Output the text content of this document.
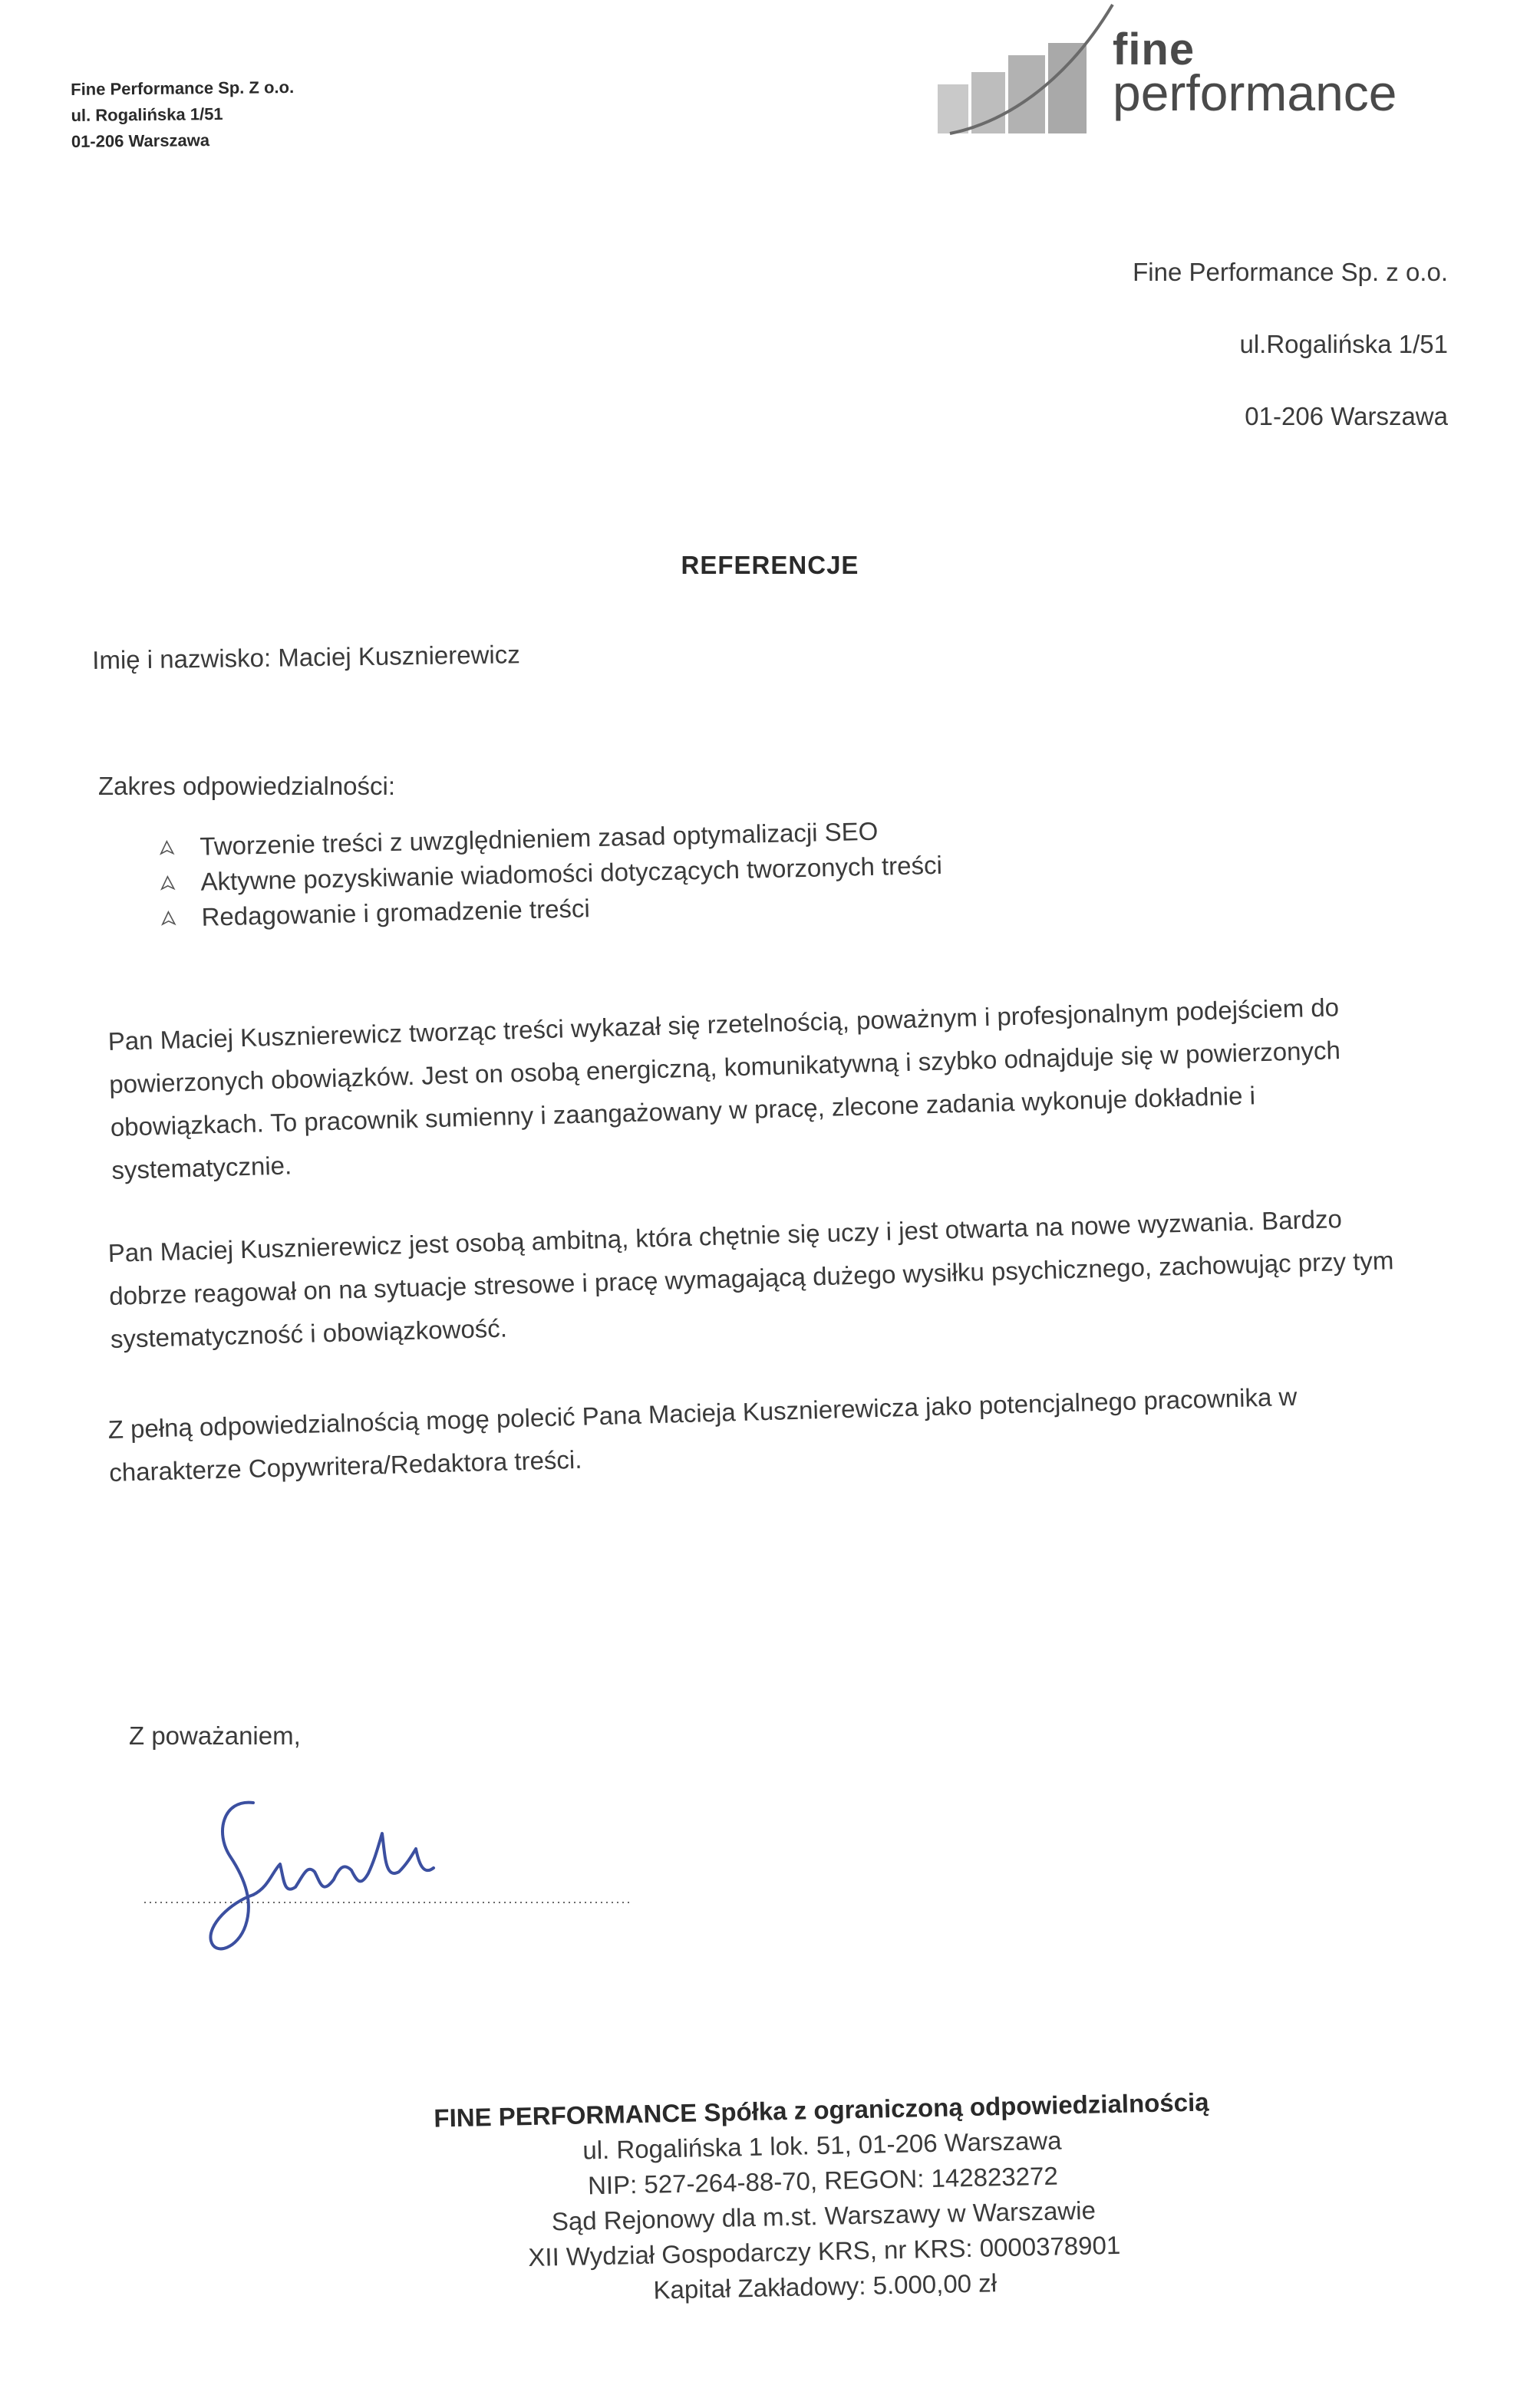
Fine Performance Sp. Z o.o.
ul. Rogalińska 1/51
01-206 Warszawa
fine
performance
Fine Performance Sp. z o.o.
ul.Rogalińska 1/51
01-206 Warszawa
REFERENCJE
Imię i nazwisko: Maciej Kusznierewicz
Zakres odpowiedzialności:
Tworzenie treści z uwzględnieniem zasad optymalizacji SEO
Aktywne pozyskiwanie wiadomości dotyczących tworzonych treści
Redagowanie i gromadzenie treści

Pan Maciej Kusznierewicz tworząc treści wykazał się rzetelnością, poważnym i profesjonalnym podejściem do powierzonych obowiązków. Jest on osobą energiczną, komunikatywną i szybko odnajduje się w powierzonych obowiązkach. To pracownik sumienny i zaangażowany w pracę, zlecone zadania wykonuje dokładnie i systematycznie.

Pan Maciej Kusznierewicz jest osobą ambitną, która chętnie się uczy i jest otwarta na nowe wyzwania. Bardzo dobrze reagował on na sytuacje stresowe i pracę wymagającą dużego wysiłku psychicznego, zachowując przy tym systematyczność i obowiązkowość.

Z pełną odpowiedzialnością mogę polecić Pana Macieja Kusznierewicza jako potencjalnego pracownika w charakterze Copywritera/Redaktora treści.

Z poważaniem,
FINE PERFORMANCE Spółka z ograniczoną odpowiedzialnością
ul. Rogalińska 1 lok. 51, 01-206 Warszawa
NIP: 527-264-88-70, REGON: 142823272
Sąd Rejonowy dla m.st. Warszawy w Warszawie
XII Wydział Gospodarczy KRS, nr KRS: 0000378901
Kapitał Zakładowy: 5.000,00 zł
